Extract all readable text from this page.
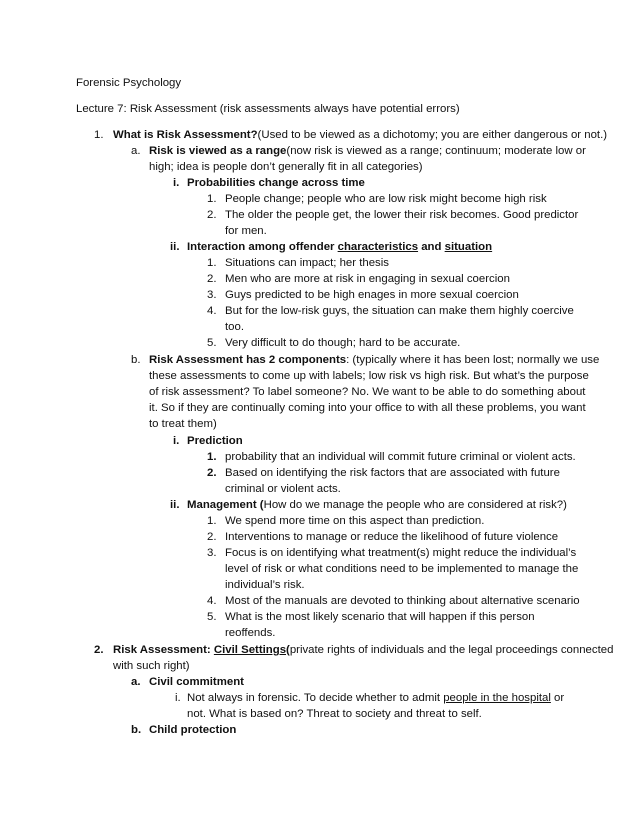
Forensic Psychology
Lecture 7: Risk Assessment (risk assessments always have potential errors)
1. What is Risk Assessment?(Used to be viewed as a dichotomy; you are either dangerous or not.)
a. Risk is viewed as a range(now risk is viewed as a range; continuum; moderate low or
high; idea is people don’t generally fit in all categories)
i. Probabilities change across time
1. People change; people who are low risk might become high risk
2. The older the people get, the lower their risk becomes. Good predictor
for men.
ii. Interaction among offender characteristics and situation
1. Situations can impact; her thesis
2. Men who are more at risk in engaging in sexual coercion
3. Guys predicted to be high enages in more sexual coercion
4. But for the low-risk guys, the situation can make them highly coercive
too.
5. Very difficult to do though; hard to be accurate.
b. Risk Assessment has 2 components: (typically where it has been lost; normally we use
these assessments to come up with labels; low risk vs high risk. But what’s the purpose
of risk assessment? To label someone? No. We want to be able to do something about
it. So if they are continually coming into your office to with all these problems, you want
to treat them)
i. Prediction
1. probability that an individual will commit future criminal or violent acts.
2. Based on identifying the risk factors that are associated with future
criminal or violent acts.
ii. Management (How do we manage the people who are considered at risk?)
1. We spend more time on this aspect than prediction.
2. Interventions to manage or reduce the likelihood of future violence
3. Focus is on identifying what treatment(s) might reduce the individual’s
level of risk or what conditions need to be implemented to manage the
individual’s risk.
4. Most of the manuals are devoted to thinking about alternative scenario
5. What is the most likely scenario that will happen if this person
reoffends.
2. Risk Assessment: Civil Settings(private rights of individuals and the legal proceedings connected
with such right)
a. Civil commitment
i. Not always in forensic. To decide whether to admit people in the hospital or
not. What is based on? Threat to society and threat to self.
b. Child protection
